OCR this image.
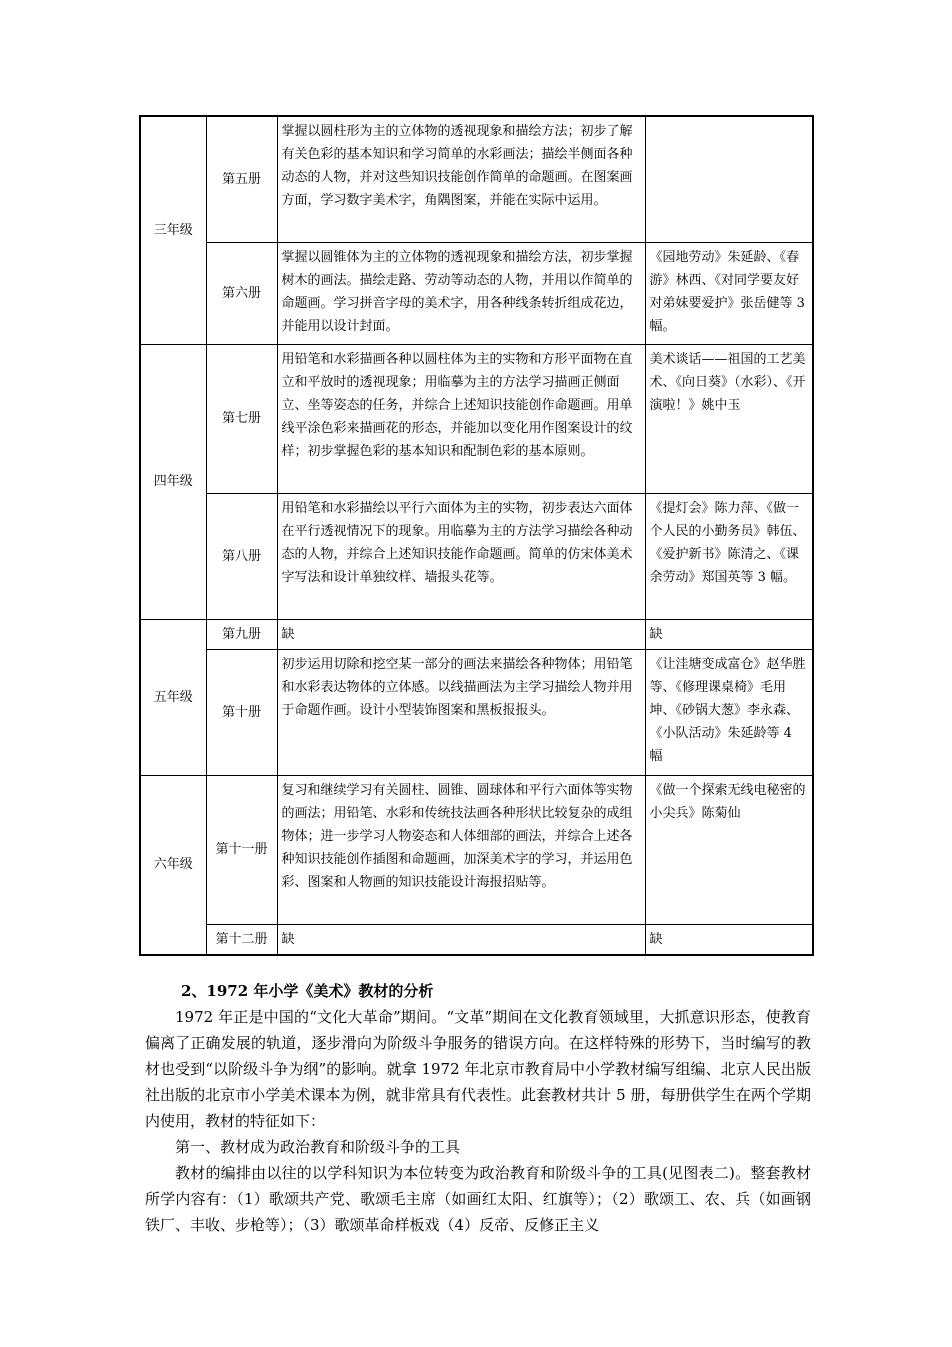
三年级	第五册	掌握以圆柱形为主的立体物的透视现象和描绘方法；初步了解有关色彩的基本知识和学习简单的水彩画法；描绘半侧面各种动态的人物，并对这些知识技能创作简单的命题画。在图案画方面，学习数字美术字，角隅图案，并能在实际中运用。	
	第六册	掌握以圆锥体为主的立体物的透视现象和描绘方法，初步掌握树木的画法。描绘走路、劳动等动态的人物，并用以作简单的命题画。学习拼音字母的美术字，用各种线条转折组成花边，并能用以设计封面。	《园地劳动》朱延龄、《春游》林西、《对同学要友好 对弟妹要爱护》张岳健等 3 幅。
四年级	第七册	用铅笔和水彩描画各种以圆柱体为主的实物和方形平面物在直立和平放时的透视现象；用临摹为主的方法学习描画正侧面立、坐等姿态的任务，并综合上述知识技能创作命题画。用单线平涂色彩来描画花的形态，并能加以变化用作图案设计的纹样；初步掌握色彩的基本知识和配制色彩的基本原则。	美术谈话——祖国的工艺美术、《向日葵》（水彩）、《开演啦！》姚中玉
	第八册	用铅笔和水彩描绘以平行六面体为主的实物，初步表达六面体在平行透视情况下的现象。用临摹为主的方法学习描绘各种动态的人物，并综合上述知识技能作命题画。简单的仿宋体美术字写法和设计单独纹样、墙报头花等。	《提灯会》陈力萍、《做一个人民的小勤务员》韩伍、《爱护新书》陈清之、《课余劳动》郑国英等 3 幅。
五年级	第九册	缺	缺
	第十册	初步运用切除和挖空某一部分的画法来描绘各种物体；用铅笔和水彩表达物体的立体感。以线描画法为主学习描绘人物并用于命题作画。设计小型装饰图案和黑板报报头。	《让洼塘变成富仓》赵华胜等、《修理课桌椅》毛用坤、《砂锅大葱》李永森、《小队活动》朱延龄等 4 幅
六年级	第十一册	复习和继续学习有关圆柱、圆锥、圆球体和平行六面体等实物的画法；用铅笔、水彩和传统技法画各种形状比较复杂的成组物体；进一步学习人物姿态和人体细部的画法，并综合上述各种知识技能创作插图和命题画，加深美术字的学习，并运用色彩、图案和人物画的知识技能设计海报招贴等。	《做一个探索无线电秘密的小尖兵》陈菊仙
	第十二册	缺	缺

2、1972 年小学《美术》教材的分析

1972 年正是中国的“文化大革命”期间。“文革”期间在文化教育领域里，大抓意识形态，使教育偏离了正确发展的轨道，逐步滑向为阶级斗争服务的错误方向。在这样特殊的形势下，当时编写的教材也受到“以阶级斗争为纲”的影响。就拿 1972 年北京市教育局中小学教材编写组编、北京人民出版社出版的北京市小学美术课本为例，就非常具有代表性。此套教材共计 5 册，每册供学生在两个学期内使用，教材的特征如下：

第一、教材成为政治教育和阶级斗争的工具

教材的编排由以往的以学科知识为本位转变为政治教育和阶级斗争的工具(见图表二)。整套教材所学内容有：（1）歌颂共产党、歌颂毛主席（如画红太阳、红旗等）；（2）歌颂工、农、兵（如画钢铁厂、丰收、步枪等）；（3）歌颂革命样板戏（4）反帝、反修正主义
